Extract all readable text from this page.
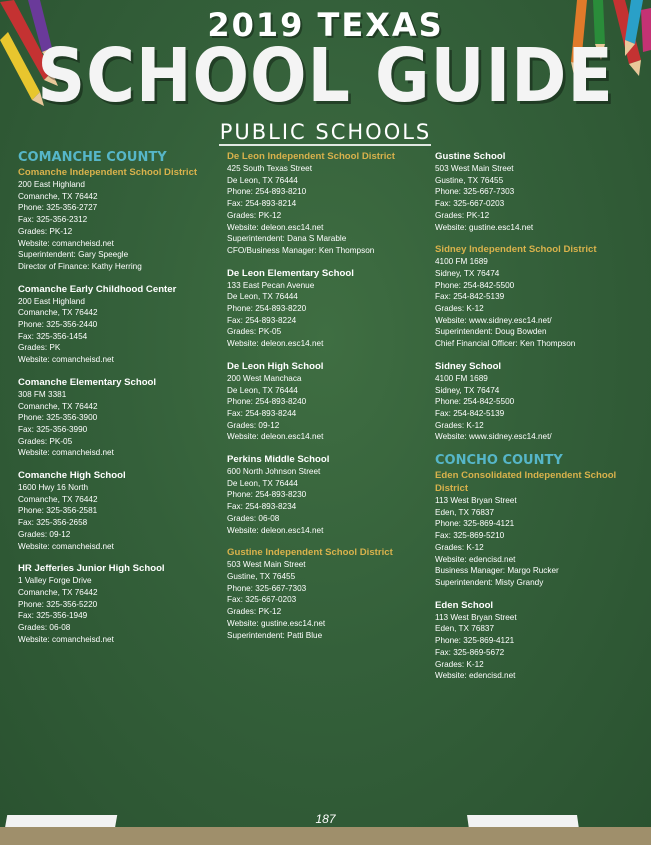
2019 TEXAS
SCHOOL GUIDE
PUBLIC SCHOOLS
COMANCHE COUNTY
Comanche Independent School District
200 East Highland
Comanche, TX 76442
Phone: 325-356-2727
Fax: 325-356-2312
Grades: PK-12
Website: comancheisd.net
Superintendent: Gary Speegle
Director of Finance: Kathy Herring
Comanche Early Childhood Center
200 East Highland
Comanche, TX 76442
Phone: 325-356-2440
Fax: 325-356-1454
Grades: PK
Website: comancheisd.net
Comanche Elementary School
308 FM 3381
Comanche, TX 76442
Phone: 325-356-3900
Fax: 325-356-3990
Grades: PK-05
Website: comancheisd.net
Comanche High School
1600 Hwy 16 North
Comanche, TX 76442
Phone: 325-356-2581
Fax: 325-356-2658
Grades: 09-12
Website: comancheisd.net
HR Jefferies Junior High School
1 Valley Forge Drive
Comanche, TX 76442
Phone: 325-356-5220
Fax: 325-356-1949
Grades: 06-08
Website: comancheisd.net
De Leon Independent School District
425 South Texas Street
De Leon, TX 76444
Phone: 254-893-8210
Fax: 254-893-8214
Grades: PK-12
Website: deleon.esc14.net
Superintendent: Dana S Marable
CFO/Business Manager: Ken Thompson
De Leon Elementary School
133 East Pecan Avenue
De Leon, TX 76444
Phone: 254-893-8220
Fax: 254-893-8224
Grades: PK-05
Website: deleon.esc14.net
De Leon High School
200 West Manchaca
De Leon, TX 76444
Phone: 254-893-8240
Fax: 254-893-8244
Grades: 09-12
Website: deleon.esc14.net
Perkins Middle School
600 North Johnson Street
De Leon, TX 76444
Phone: 254-893-8230
Fax: 254-893-8234
Grades: 06-08
Website: deleon.esc14.net
Gustine Independent School District
503 West Main Street
Gustine, TX 76455
Phone: 325-667-7303
Fax: 325-667-0203
Grades: PK-12
Website: gustine.esc14.net
Superintendent: Patti Blue
Gustine School
503 West Main Street
Gustine, TX 76455
Phone: 325-667-7303
Fax: 325-667-0203
Grades: PK-12
Website: gustine.esc14.net
Sidney Independent School District
4100 FM 1689
Sidney, TX 76474
Phone: 254-842-5500
Fax: 254-842-5139
Grades: K-12
Website: www.sidney.esc14.net/
Superintendent: Doug Bowden
Chief Financial Officer: Ken Thompson
Sidney School
4100 FM 1689
Sidney, TX 76474
Phone: 254-842-5500
Fax: 254-842-5139
Grades: K-12
Website: www.sidney.esc14.net/
CONCHO COUNTY
Eden Consolidated Independent School District
113 West Bryan Street
Eden, TX 76837
Phone: 325-869-4121
Fax: 325-869-5210
Grades: K-12
Website: edencisd.net
Business Manager: Margo Rucker
Superintendent: Misty Grandy
Eden School
113 West Bryan Street
Eden, TX 76837
Phone: 325-869-4121
Fax: 325-869-5672
Grades: K-12
Website: edencisd.net
187
